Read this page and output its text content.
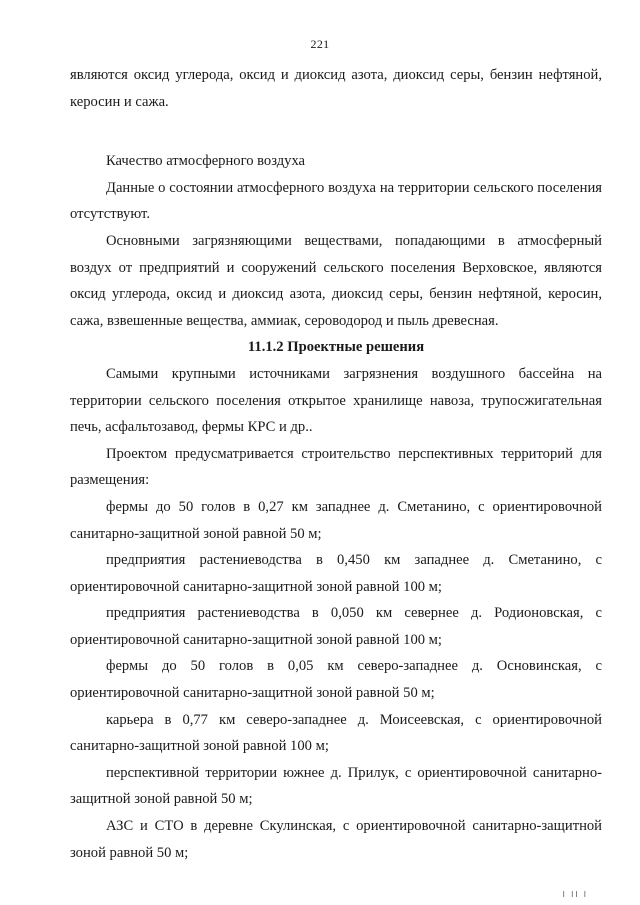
221

являются оксид углерода, оксид и диоксид азота, диоксид серы, бензин нефтяной, керосин и сажа.

Качество атмосферного воздуха

Данные о состоянии атмосферного воздуха на территории сельского поселения отсутствуют.

Основными загрязняющими веществами, попадающими в атмосферный воздух от предприятий и сооружений сельского поселения Верховское, являются оксид углерода, оксид и диоксид азота, диоксид серы, бензин нефтяной, керосин, сажа, взвешенные вещества, аммиак, сероводород и пыль древесная.

11.1.2 Проектные решения

Самыми крупными источниками загрязнения воздушного бассейна на территории сельского поселения открытое хранилище навоза, трупосжигательная печь, асфальтозавод, фермы КРС и др..

Проектом предусматривается строительство перспективных территорий для размещения:

фермы до 50 голов в 0,27 км западнее д. Сметанино, с ориентировочной санитарно-защитной зоной равной 50 м;

предприятия растениеводства в 0,450 км западнее д. Сметанино, с ориентировочной санитарно-защитной зоной равной 100 м;

предприятия растениеводства в 0,050 км севернее д. Родионовская, с ориентировочной санитарно-защитной зоной равной 100 м;

фермы до 50 голов в 0,05 км северо-западнее д. Основинская, с ориентировочной санитарно-защитной зоной равной 50 м;

карьера в 0,77 км северо-западнее д. Моисеевская, с ориентировочной санитарно-защитной зоной равной 100 м;

перспективной территории южнее д. Прилук, с ориентировочной санитарно-защитной зоной равной 50 м;

АЗС и СТО в деревне Скулинская, с ориентировочной санитарно-защитной зоной равной 50 м;

І ІІ І
